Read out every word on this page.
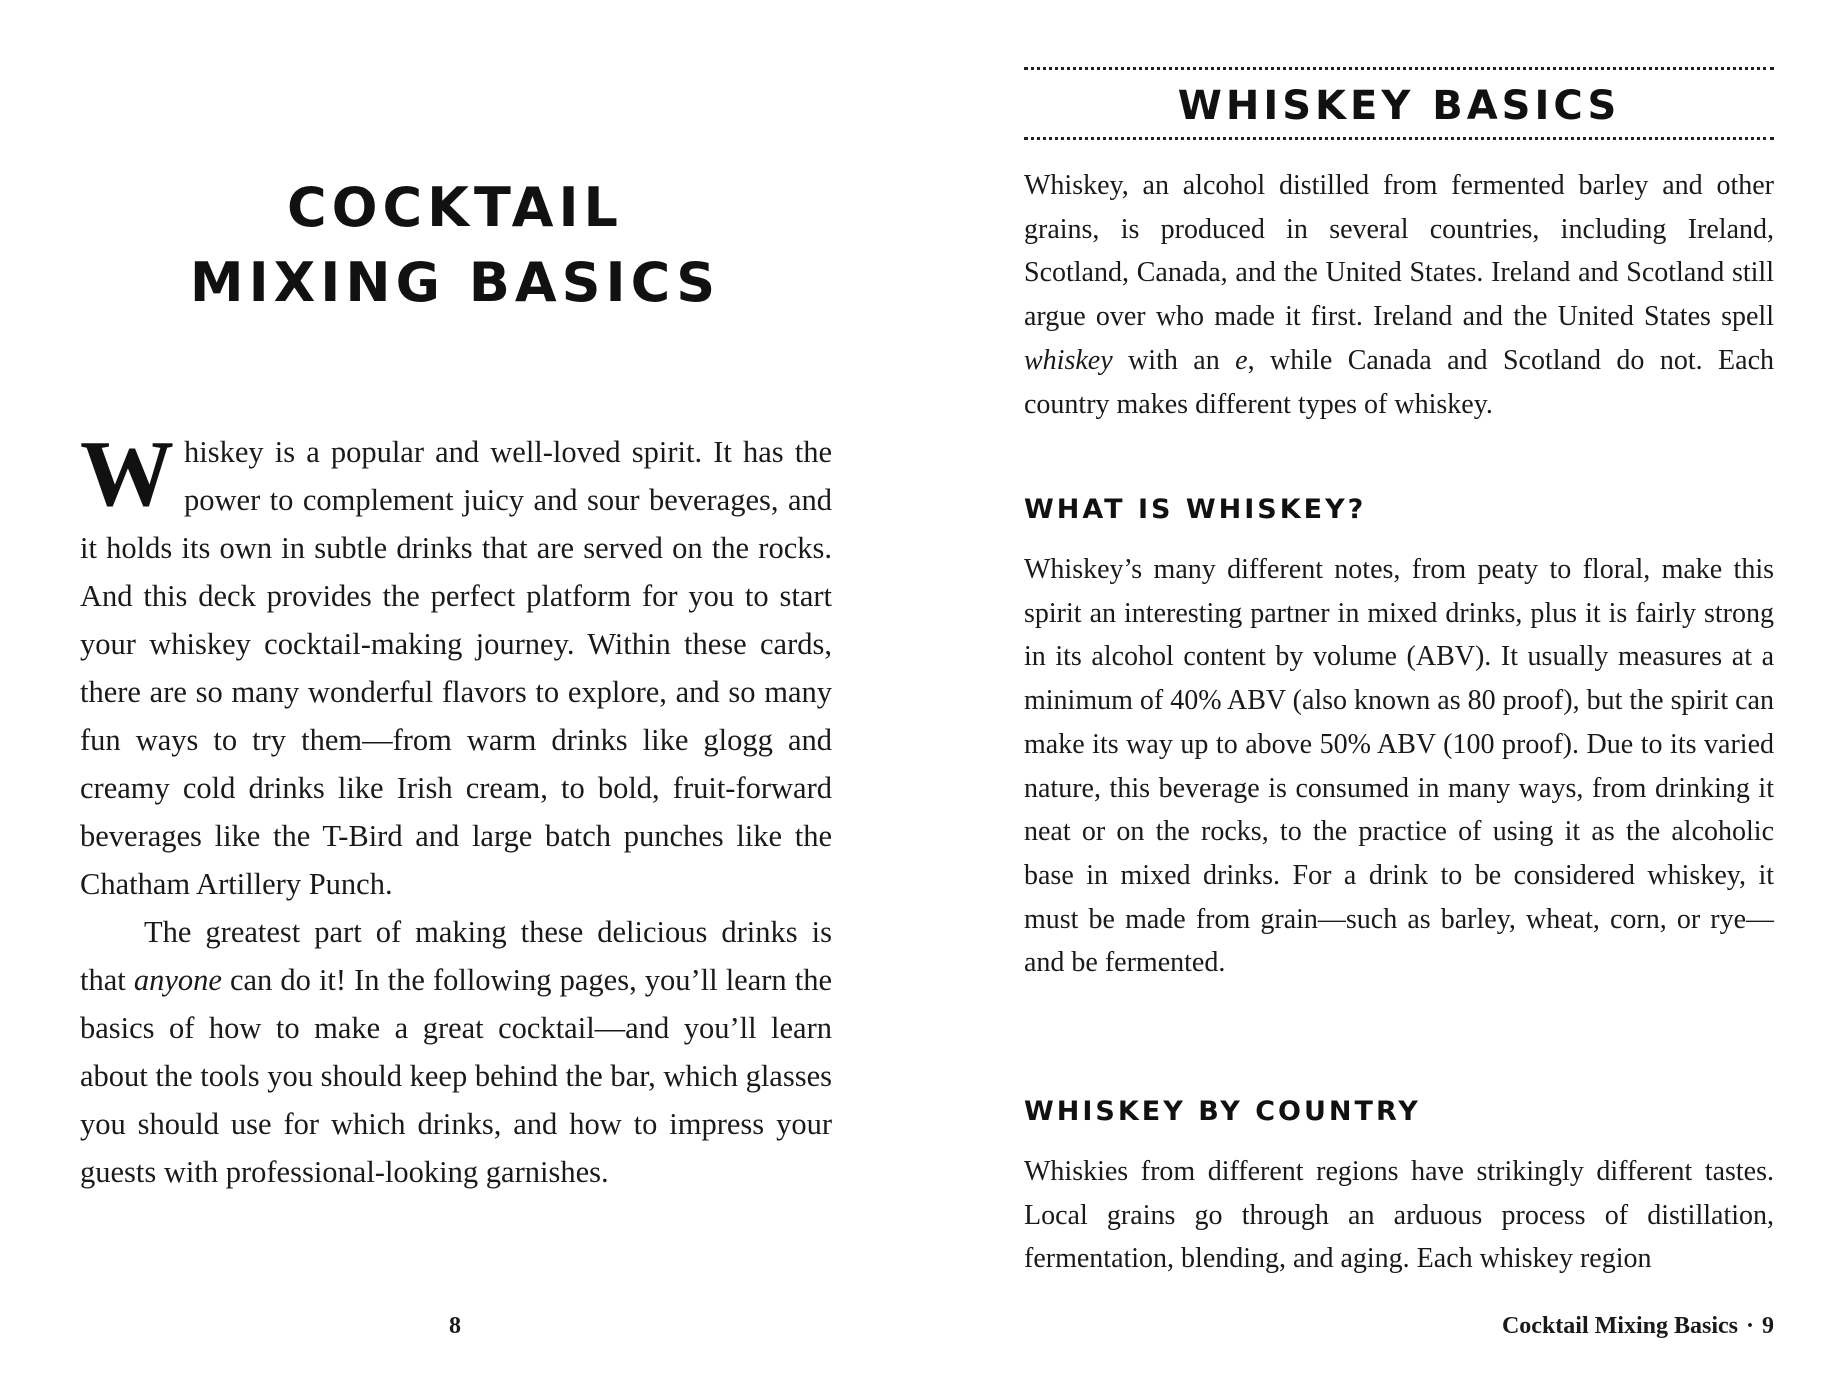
COCKTAIL
MIXING BASICS

Whiskey is a popular and well-loved spirit. It has the power to complement juicy and sour beverages, and it holds its own in subtle drinks that are served on the rocks. And this deck provides the perfect platform for you to start your whiskey cocktail-making journey. Within these cards, there are so many wonderful flavors to explore, and so many fun ways to try them—from warm drinks like glogg and creamy cold drinks like Irish cream, to bold, fruit-forward beverages like the T-Bird and large batch punches like the Chatham Artillery Punch.

The greatest part of making these delicious drinks is that anyone can do it! In the following pages, you’ll learn the basics of how to make a great cocktail—and you’ll learn about the tools you should keep behind the bar, which glasses you should use for which drinks, and how to impress your guests with professional-looking garnishes.

8
WHISKEY BASICS

Whiskey, an alcohol distilled from fermented barley and other grains, is produced in several countries, including Ireland, Scotland, Canada, and the United States. Ireland and Scotland still argue over who made it first. Ireland and the United States spell whiskey with an e, while Canada and Scotland do not. Each country makes different types of whiskey.

WHAT IS WHISKEY?

Whiskey’s many different notes, from peaty to floral, make this spirit an interesting partner in mixed drinks, plus it is fairly strong in its alcohol content by volume (ABV). It usually measures at a minimum of 40% ABV (also known as 80 proof), but the spirit can make its way up to above 50% ABV (100 proof). Due to its varied nature, this beverage is consumed in many ways, from drinking it neat or on the rocks, to the practice of using it as the alcoholic base in mixed drinks. For a drink to be considered whiskey, it must be made from grain—such as barley, wheat, corn, or rye—and be fermented.

WHISKEY BY COUNTRY

Whiskies from different regions have strikingly different tastes. Local grains go through an arduous process of distillation, fermentation, blending, and aging. Each whiskey region

Cocktail Mixing Basics · 9
